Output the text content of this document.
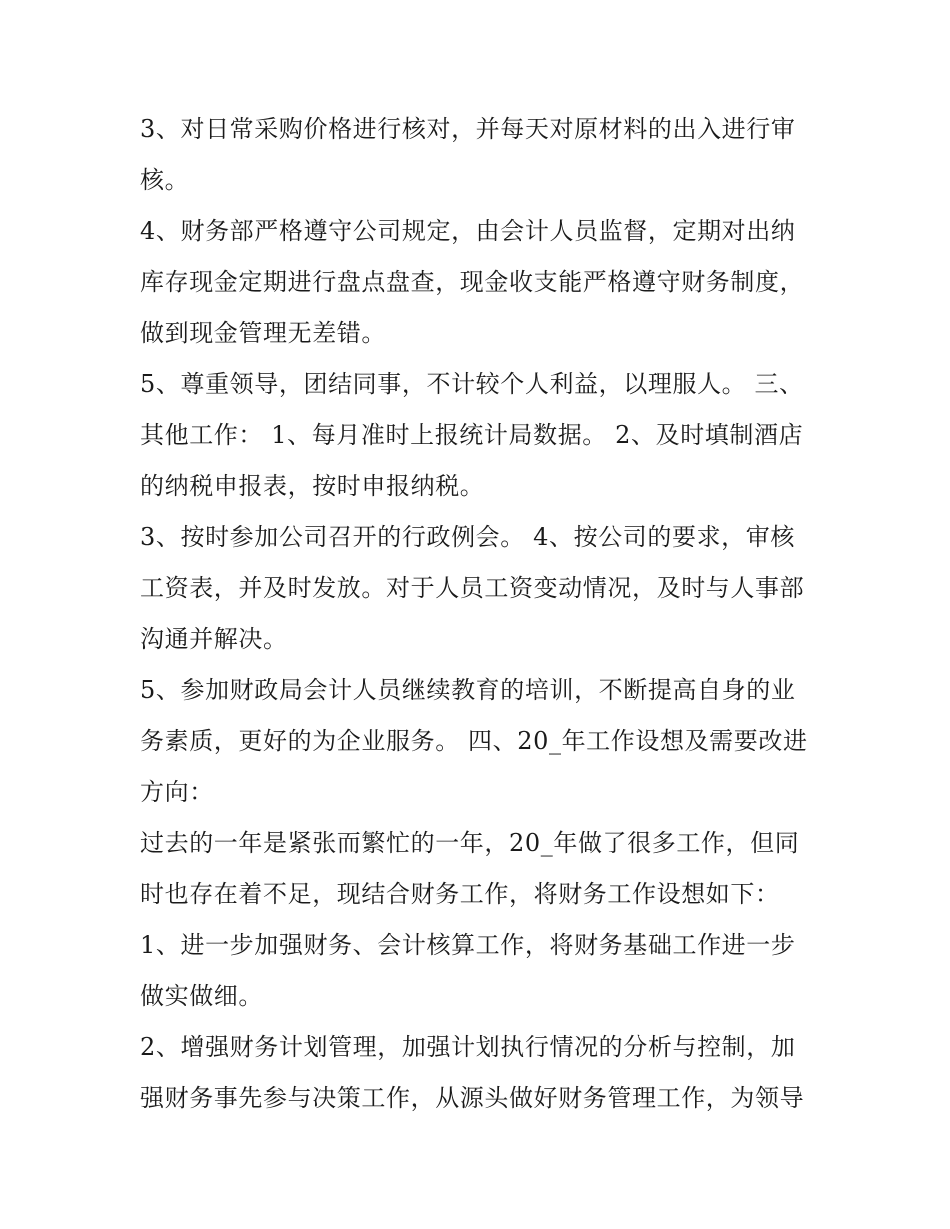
3、对日常采购价格进行核对，并每天对原材料的出入进行审
核。
4、财务部严格遵守公司规定，由会计人员监督，定期对出纳
库存现金定期进行盘点盘查，现金收支能严格遵守财务制度，
做到现金管理无差错。
5、尊重领导，团结同事，不计较个人利益，以理服人。 三、
其他工作： 1、每月准时上报统计局数据。 2、及时填制酒店
的纳税申报表，按时申报纳税。
3、按时参加公司召开的行政例会。 4、按公司的要求，审核
工资表，并及时发放。对于人员工资变动情况，及时与人事部
沟通并解决。
5、参加财政局会计人员继续教育的培训，不断提高自身的业
务素质，更好的为企业服务。 四、20_年工作设想及需要改进
方向：
过去的一年是紧张而繁忙的一年，20_年做了很多工作，但同
时也存在着不足，现结合财务工作，将财务工作设想如下：
1、进一步加强财务、会计核算工作，将财务基础工作进一步
做实做细。
2、增强财务计划管理，加强计划执行情况的分析与控制，加
强财务事先参与决策工作，从源头做好财务管理工作，为领导
